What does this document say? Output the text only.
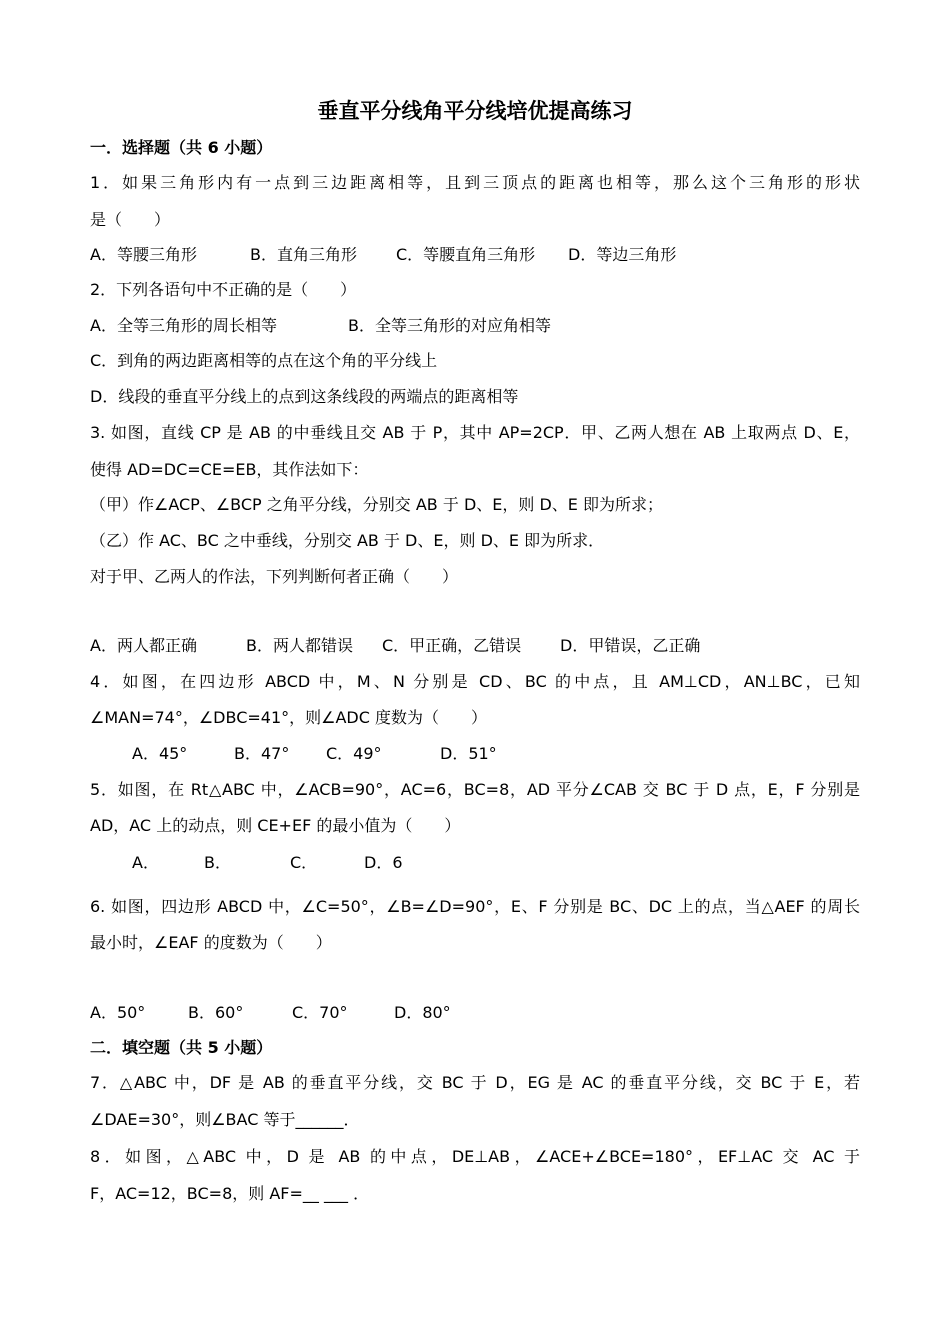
垂直平分线角平分线培优提高练习
一．选择题（共 6 小题）
1．如果三角形内有一点到三边距离相等，且到三顶点的距离也相等，那么这个三角形的形状
是（　　）
A．等腰三角形	B．直角三角形 C．等腰直角三角形 D．等边三角形
2．下列各语句中不正确的是（　　）
A．全等三角形的周长相等	B．全等三角形的对应角相等
C．到角的两边距离相等的点在这个角的平分线上
D．线段的垂直平分线上的点到这条线段的两端点的距离相等
3. 如图，直线 CP 是 AB 的中垂线且交 AB 于 P，其中 AP=2CP．甲、乙两人想在 AB 上取两点 D、E，
使得 AD=DC=CE=EB，其作法如下：
（甲）作∠ACP、∠BCP 之角平分线，分别交 AB 于 D、E，则 D、E 即为所求；
（乙）作 AC、BC 之中垂线，分别交 AB 于 D、E，则 D、E 即为所求．
对于甲、乙两人的作法，下列判断何者正确（　　）
A．两人都正确	B．两人都错误 C．甲正确，乙错误 D．甲错误，乙正确
4．如图，在四边形 ABCD 中，M、N 分别是 CD、BC 的中点，且 AM⊥CD，AN⊥BC，已知
∠MAN=74°，∠DBC=41°，则∠ADC 度数为（　　）
A．45°	B．47° C．49°	D．51°
5．如图，在 Rt△ABC 中，∠ACB=90°，AC=6，BC=8，AD 平分∠CAB 交 BC 于 D 点，E，F 分别是
AD，AC 上的动点，则 CE+EF 的最小值为（　　）
A．	B．	C．	D．6
6. 如图，四边形 ABCD 中，∠C=50°，∠B=∠D=90°，E、F 分别是 BC、DC 上的点，当△AEF 的周长
最小时，∠EAF 的度数为（　　）
A．50°	B．60°	C．70°	D．80°
二．填空题（共 5 小题）
7．△ABC 中，DF 是 AB 的垂直平分线，交 BC 于 D，EG 是 AC 的垂直平分线，交 BC 于 E，若
∠DAE=30°，则∠BAC 等于______．
8．如图，△ABC 中，D 是 AB 的中点，DE⊥AB，∠ACE+∠BCE=180°，EF⊥AC 交 AC 于
F，AC=12，BC=8，则 AF=__ ___ ．
